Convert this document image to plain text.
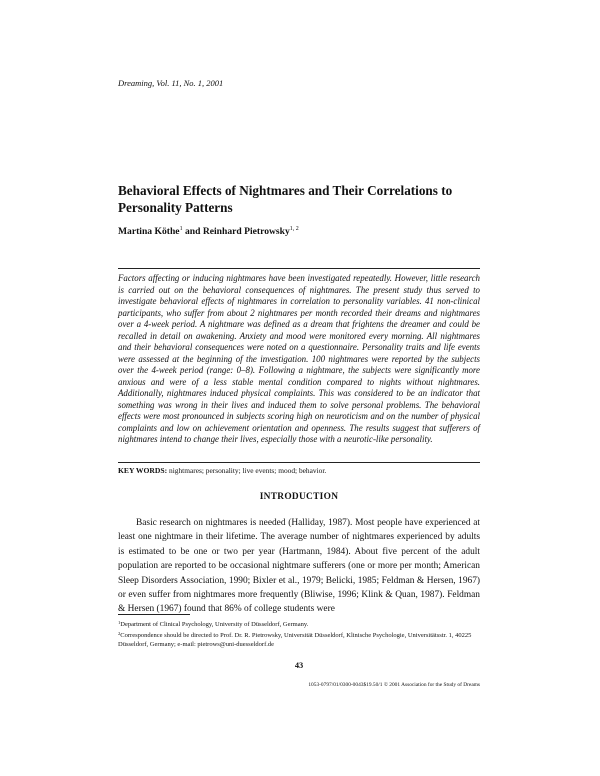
Dreaming, Vol. 11, No. 1, 2001
Behavioral Effects of Nightmares and Their Correlations to Personality Patterns
Martina Köthe$^1$ and Reinhard Pietrowsky$^{1, 2}$
Factors affecting or inducing nightmares have been investigated repeatedly. However, little research is carried out on the behavioral consequences of nightmares. The present study thus served to investigate behavioral effects of nightmares in correlation to personality variables. 41 non-clinical participants, who suffer from about 2 nightmares per month recorded their dreams and nightmares over a 4-week period. A nightmare was defined as a dream that frightens the dreamer and could be recalled in detail on awakening. Anxiety and mood were monitored every morning. All nightmares and their behavioral consequences were noted on a questionnaire. Personality traits and life events were assessed at the beginning of the investigation. 100 nightmares were reported by the subjects over the 4-week period (range: 0–8). Following a nightmare, the subjects were significantly more anxious and were of a less stable mental condition compared to nights without nightmares. Additionally, nightmares induced physical complaints. This was considered to be an indicator that something was wrong in their lives and induced them to solve personal problems. The behavioral effects were most pronounced in subjects scoring high on neuroticism and on the number of physical complaints and low on achievement orientation and openness. The results suggest that sufferers of nightmares intend to change their lives, especially those with a neurotic-like personality.
KEY WORDS: nightmares; personality; live events; mood; behavior.
INTRODUCTION
Basic research on nightmares is needed (Halliday, 1987). Most people have experienced at least one nightmare in their lifetime. The average number of nightmares experienced by adults is estimated to be one or two per year (Hartmann, 1984). About five percent of the adult population are reported to be occasional nightmare sufferers (one or more per month; American Sleep Disorders Association, 1990; Bixler et al., 1979; Belicki, 1985; Feldman & Hersen, 1967) or even suffer from nightmares more frequently (Bliwise, 1996; Klink & Quan, 1987). Feldman & Hersen (1967) found that 86% of college students were
$^1$Department of Clinical Psychology, University of Düsseldorf, Germany.
$^2$Correspondence should be directed to Prof. Dr. R. Pietrowsky, Universität Düsseldorf, Klinische Psychologie, Universitätsstr. 1, 40225 Düsseldorf, Germany; e-mail: pietrows@uni-duesseldorf.de
43
1053-0797/01/0300-0043$19.50/1 © 2001 Association for the Study of Dreams
